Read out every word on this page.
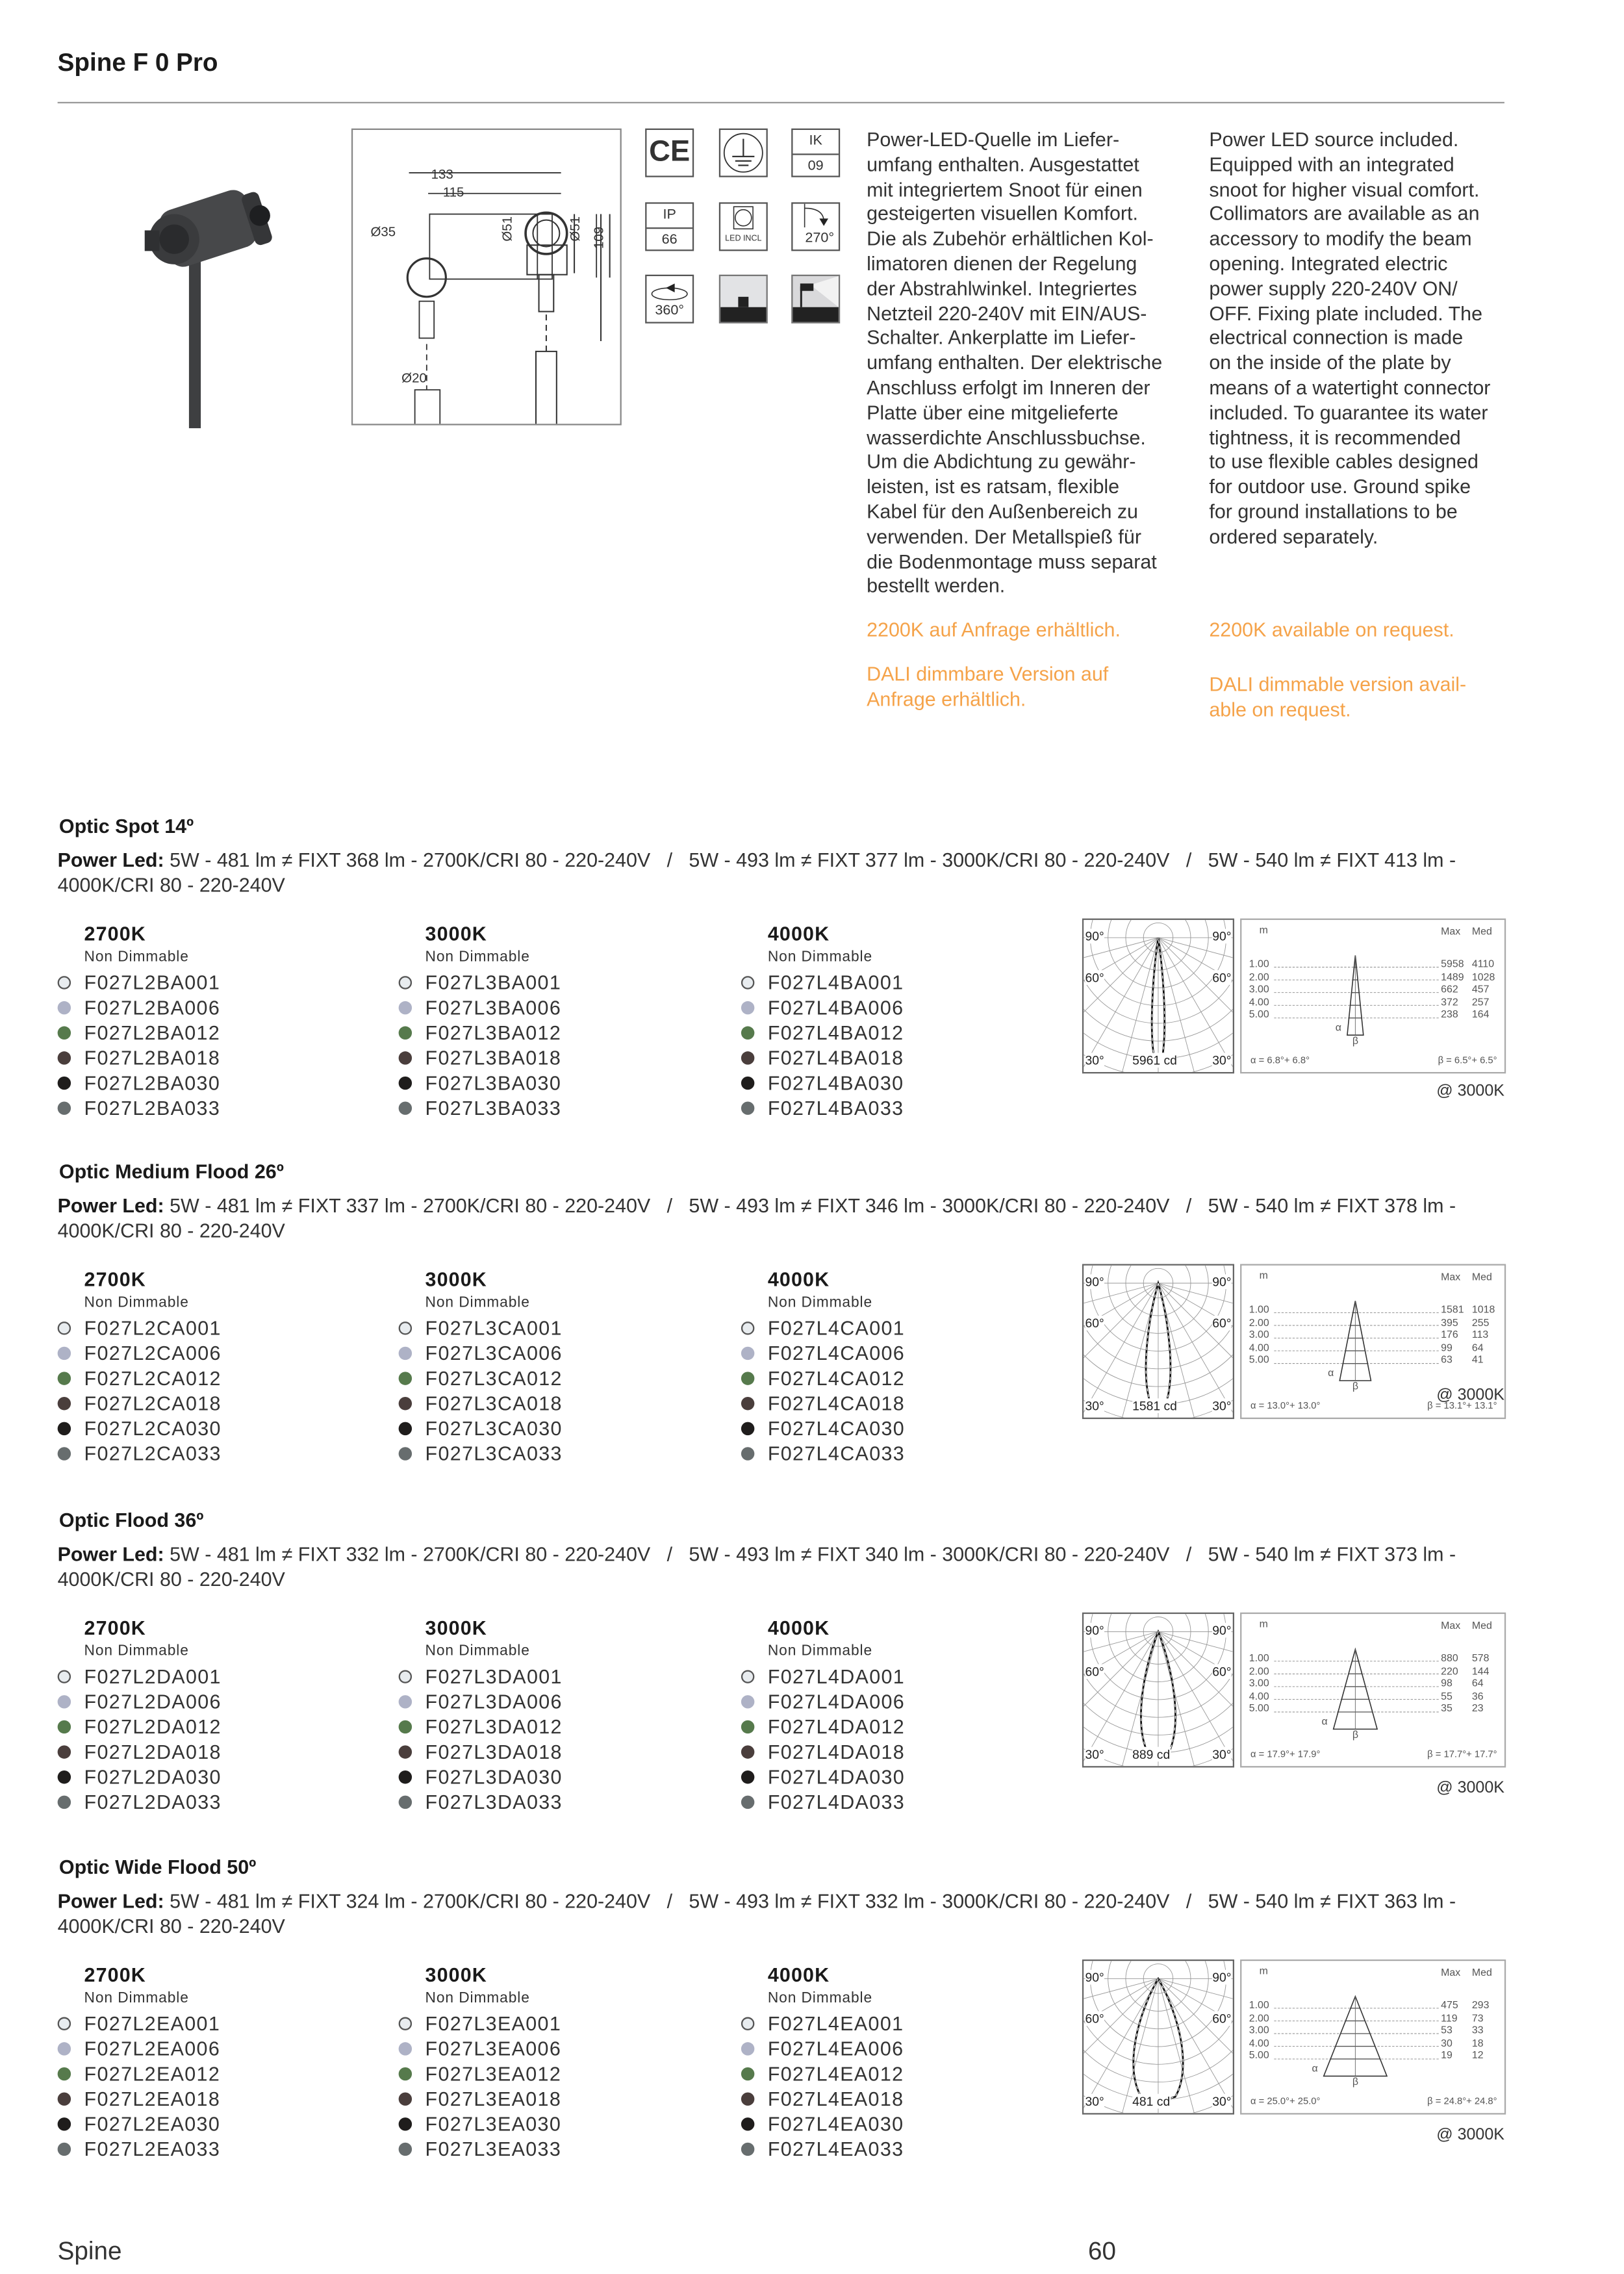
Spine F 0 Pro
133
115
Ø35	Ø51	Ø51 109
Ø20
CE	IK
09
IP
66	LED INCL	270°
360°
Power-LED-Quelle im Liefer-
umfang enthalten. Ausgestattet
mit integriertem Snoot für einen
gesteigerten visuellen Komfort.
Die als Zubehör erhältlichen Kol-
limatoren dienen der Regelung
der Abstrahlwinkel. Integriertes
Netzteil 220-240V mit EIN/AUS-
Schalter. Ankerplatte im Liefer-
umfang enthalten. Der elektrische
Anschluss erfolgt im Inneren der
Platte über eine mitgelieferte
wasserdichte Anschlussbuchse.
Um die Abdichtung zu gewähr-
leisten, ist es ratsam, flexible
Kabel für den Außenbereich zu
verwenden. Der Metallspieß für
die Bodenmontage muss separat
bestellt werden.
Power LED source included.
Equipped with an integrated
snoot for higher visual comfort.
Collimators are available as an
accessory to modify the beam
opening. Integrated electric
power supply 220-240V ON/
OFF. Fixing plate included. The
electrical connection is made
on the inside of the plate by
means of a watertight connector
included. To guarantee its water
tightness, it is recommended
to use flexible cables designed
for outdoor use. Ground spike
for ground installations to be
ordered separately.
2200K auf Anfrage erhältlich.
DALI dimmbare Version auf
Anfrage erhältlich.
2200K available on request.
DALI dimmable version avail-
able on request.
Optic Spot 14º
Power Led: 5W - 481 lm ≠ FIXT 368 lm - 2700K/CRI 80 - 220-240V   /   5W - 493 lm ≠ FIXT 377 lm - 3000K/CRI 80 - 220-240V   /   5W - 540 lm ≠ FIXT 413 lm - 4000K/CRI 80 - 220-240V
2700K
Non Dimmable
F027L2BA001
F027L2BA006
F027L2BA012
F027L2BA018
F027L2BA030
F027L2BA033
3000K
Non Dimmable
F027L3BA001
F027L3BA006
F027L3BA012
F027L3BA018
F027L3BA030
F027L3BA033
4000K
Non Dimmable
F027L4BA001
F027L4BA006
F027L4BA012
F027L4BA018
F027L4BA030
F027L4BA033
90°	90°
60°	60°
30°	30°
5961 cd
m	Max	Med
1.00	5958 4110
2.00	1489 1028
3.00	662	457
4.00	372	257
5.00	238	164
α
β
α = 6.8°+ 6.8°	β = 6.5°+ 6.5°
@ 3000K
Optic Medium Flood 26º
Power Led: 5W - 481 lm ≠ FIXT 337 lm - 2700K/CRI 80 - 220-240V   /   5W - 493 lm ≠ FIXT 346 lm - 3000K/CRI 80 - 220-240V   /   5W - 540 lm ≠ FIXT 378 lm - 4000K/CRI 80 - 220-240V
2700K
Non Dimmable
F027L2CA001
F027L2CA006
F027L2CA012
F027L2CA018
F027L2CA030
F027L2CA033
3000K
Non Dimmable
F027L3CA001
F027L3CA006
F027L3CA012
F027L3CA018
F027L3CA030
F027L3CA033
4000K
Non Dimmable
F027L4CA001
F027L4CA006
F027L4CA012
F027L4CA018
F027L4CA030
F027L4CA033
90°	90°
60°	60°
30°	30°
1581 cd
m	Max	Med
1.00	1581 1018
2.00	395	255
3.00	176	113
4.00	99	64
5.00	63	41
α
β
α = 13.0°+ 13.0°	β = 13.1°+ 13.1°
@ 3000K
Optic Flood 36º
Power Led: 5W - 481 lm ≠ FIXT 332 lm - 2700K/CRI 80 - 220-240V   /   5W - 493 lm ≠ FIXT 340 lm - 3000K/CRI 80 - 220-240V   /   5W - 540 lm ≠ FIXT 373 lm - 4000K/CRI 80 - 220-240V
2700K
Non Dimmable
F027L2DA001
F027L2DA006
F027L2DA012
F027L2DA018
F027L2DA030
F027L2DA033
3000K
Non Dimmable
F027L3DA001
F027L3DA006
F027L3DA012
F027L3DA018
F027L3DA030
F027L3DA033
4000K
Non Dimmable
F027L4DA001
F027L4DA006
F027L4DA012
F027L4DA018
F027L4DA030
F027L4DA033
90°	90°
60°	60°
30°	30°
889 cd
m	Max	Med
1.00	880	578
2.00	220	144
3.00	98	64
4.00	55	36
5.00	35	23
α
β
α = 17.9°+ 17.9°	β = 17.7°+ 17.7°
@ 3000K
Optic Wide Flood 50º
Power Led: 5W - 481 lm ≠ FIXT 324 lm - 2700K/CRI 80 - 220-240V   /   5W - 493 lm ≠ FIXT 332 lm - 3000K/CRI 80 - 220-240V   /   5W - 540 lm ≠ FIXT 363 lm - 4000K/CRI 80 - 220-240V
2700K
Non Dimmable
F027L2EA001
F027L2EA006
F027L2EA012
F027L2EA018
F027L2EA030
F027L2EA033
3000K
Non Dimmable
F027L3EA001
F027L3EA006
F027L3EA012
F027L3EA018
F027L3EA030
F027L3EA033
4000K
Non Dimmable
F027L4EA001
F027L4EA006
F027L4EA012
F027L4EA018
F027L4EA030
F027L4EA033
90°	90°
60°	60°
30°	30°
481 cd
m	Max	Med
1.00	475	293
2.00	119	73
3.00	53	33
4.00	30	18
5.00	19	12
α
β
α = 25.0°+ 25.0°	β = 24.8°+ 24.8°
@ 3000K
Spine	60
